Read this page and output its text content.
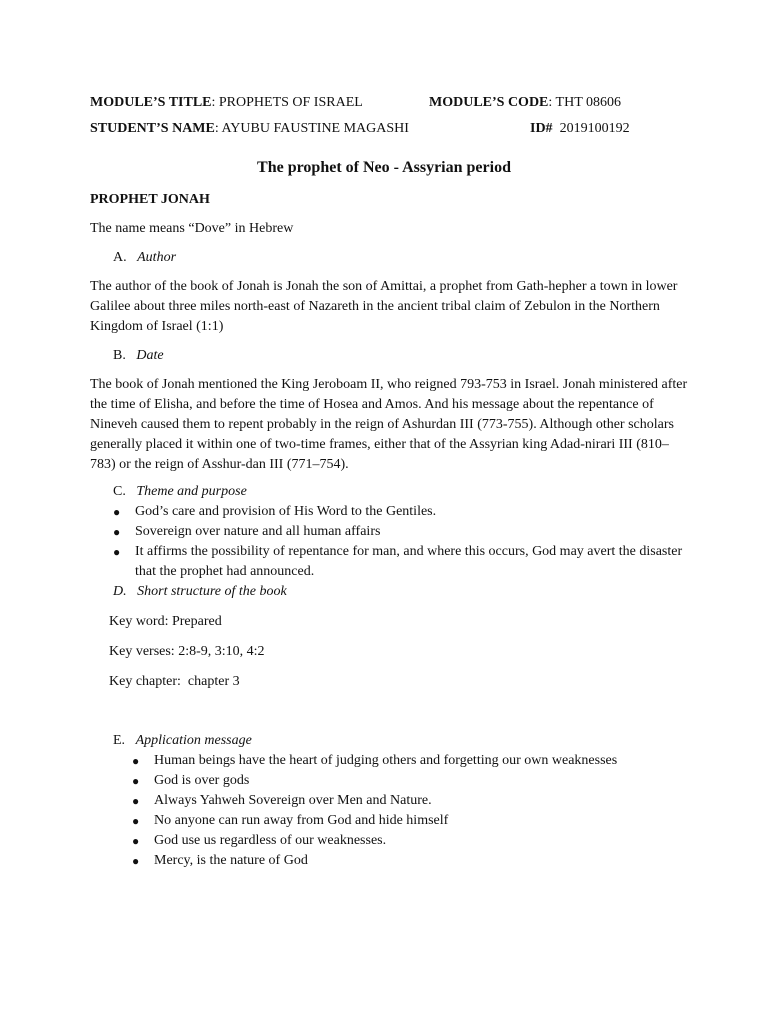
MODULE’S TITLE: PROPHETS OF ISRAEL	MODULE’S CODE: THT 08606
STUDENT’S NAME: AYUBU FAUSTINE MAGASHI	ID# 2019100192
The prophet of Neo - Assyrian period
PROPHET JONAH
The name means “Dove” in Hebrew
A. Author
The author of the book of Jonah is Jonah the son of Amittai, a prophet from Gath-hepher a town in lower Galilee about three miles north-east of Nazareth in the ancient tribal claim of Zebulon in the Northern Kingdom of Israel (1:1)
B. Date
The book of Jonah mentioned the King Jeroboam II, who reigned 793-753 in Israel. Jonah ministered after the time of Elisha, and before the time of Hosea and Amos. And his message about the repentance of Nineveh caused them to repent probably in the reign of Ashurdan III (773-755). Although other scholars generally placed it within one of two-time frames, either that of the Assyrian king Adad-nirari III (810–783) or the reign of Asshur-dan III (771–754).
C. Theme and purpose
● God’s care and provision of His Word to the Gentiles.
● Sovereign over nature and all human affairs
● It affirms the possibility of repentance for man, and where this occurs, God may avert the disaster that the prophet had announced.
D. Short structure of the book
Key word: Prepared
Key verses: 2:8-9, 3:10, 4:2
Key chapter:  chapter 3
E. Application message
● Human beings have the heart of judging others and forgetting our own weaknesses
● God is over gods
● Always Yahweh Sovereign over Men and Nature.
● No anyone can run away from God and hide himself
● God use us regardless of our weaknesses.
● Mercy, is the nature of God
